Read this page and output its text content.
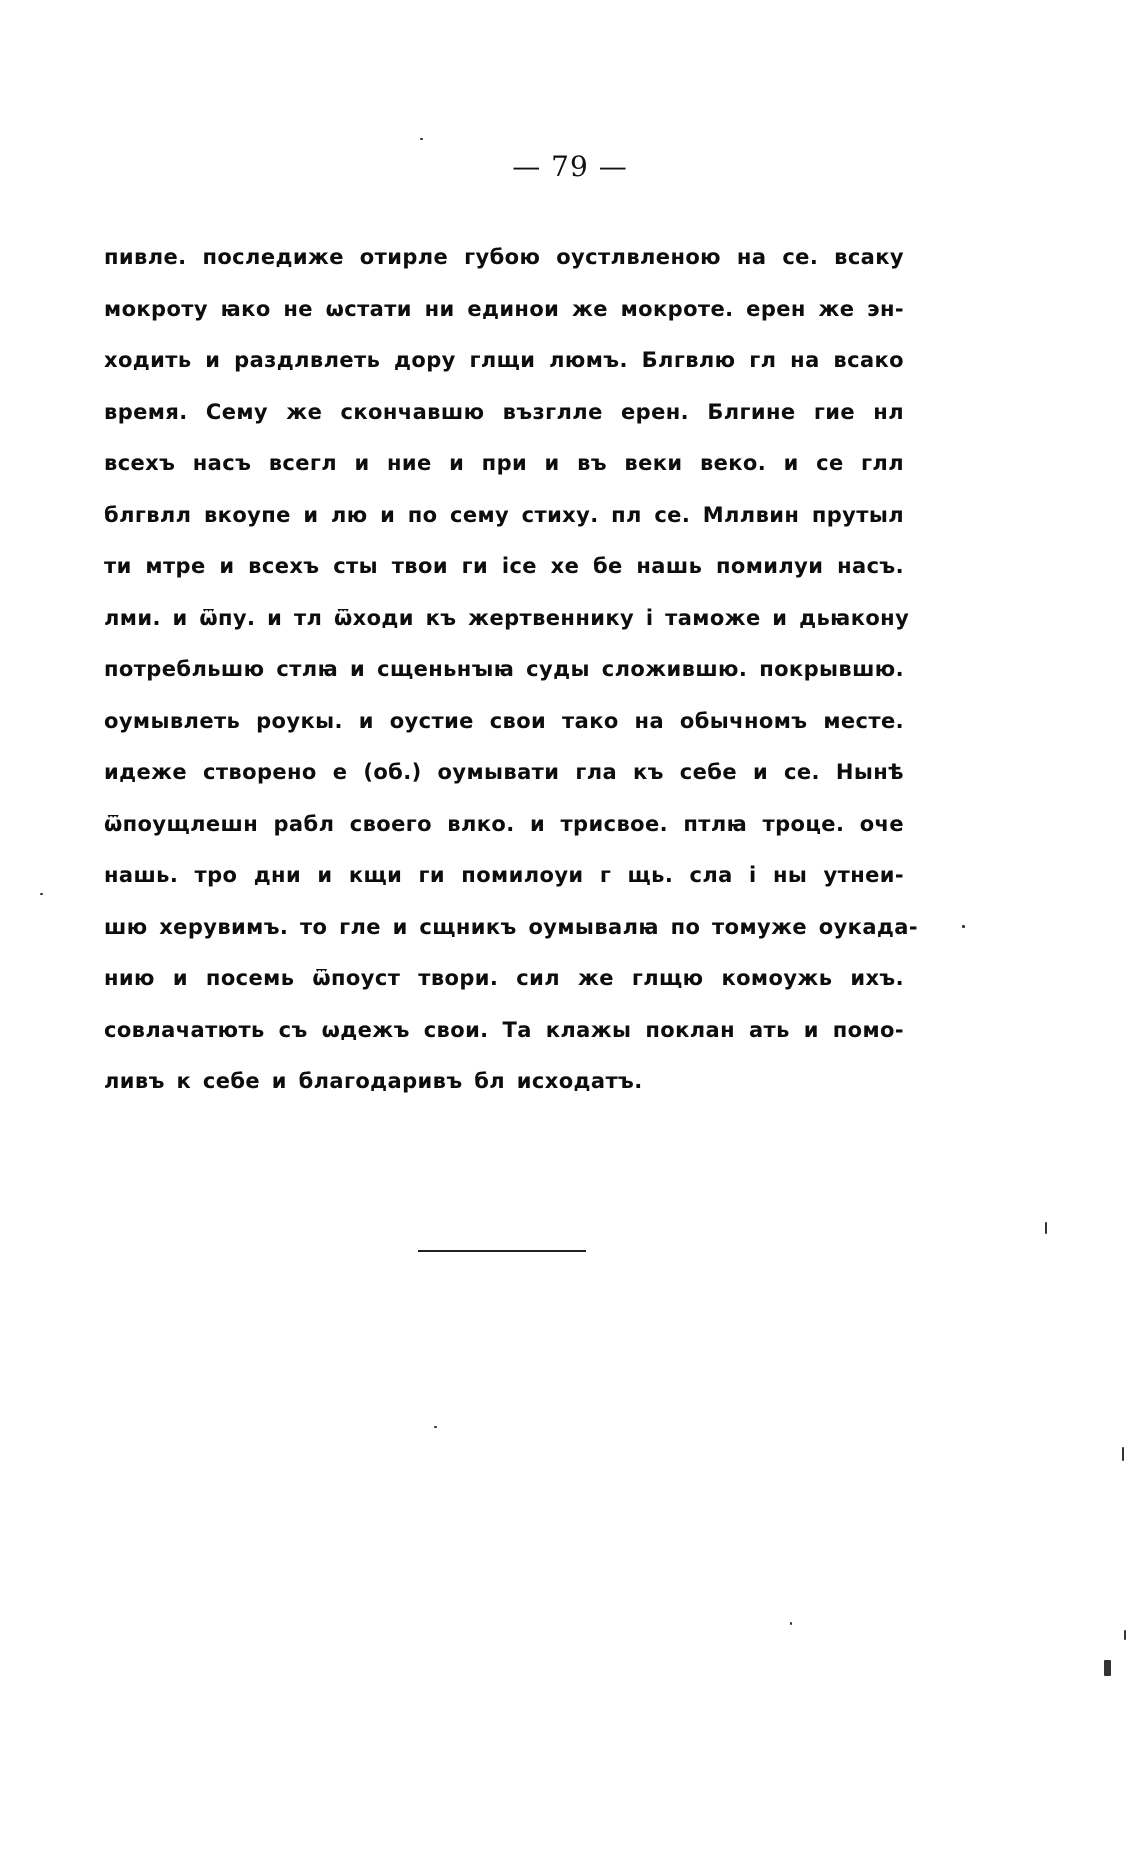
— 79 —
пивле. последиже отирле губою оустлвленою на се. всаку
мокроту ꙗко не ѡстати ни единои же мокроте. ерен же эн-
ходить и раздлвлеть дору глщи люмъ. Блгвлю гл на всако
время. Сему же скончавшю възглле ерен. Блгине гие нл
всехъ насъ всегл и ние и при и въ веки веко. и се глл
блгвлл вкоупе и лю и по сему стиху. пл се. Мллвин прутыл
ти мтре и всехъ сты твои ги ісе хе бе нашь помилуи насъ.
лми. и ѿпу. и тл ѿходи къ жертвеннику і таможе и дьꙗкону
потребльшю стлꙗ и сщеньнꙑꙗ суды сложившю. покрывшю.
оумывлеть роукы. и оустие свои тако на обычномъ месте.
идеже створено е (об.) оумывати гла къ себе и се. Нынѣ
ѿпоущлешн рабл своего влко. и трисвое. птлꙗ троце. оче
нашь. тро дни и кщи ги помилоуи г щь. сла і ны утнеи-
шю херувимъ. то гле и сщникъ оумывалꙗ по томуже оукада-
нию и посемь ѿпоуст твори. сил же глщю комоужь ихъ.
совлачатють съ ѡдежъ свои. Та клажы поклан ать и помо-
ливъ к себе и благодаривъ бл исходатъ.
